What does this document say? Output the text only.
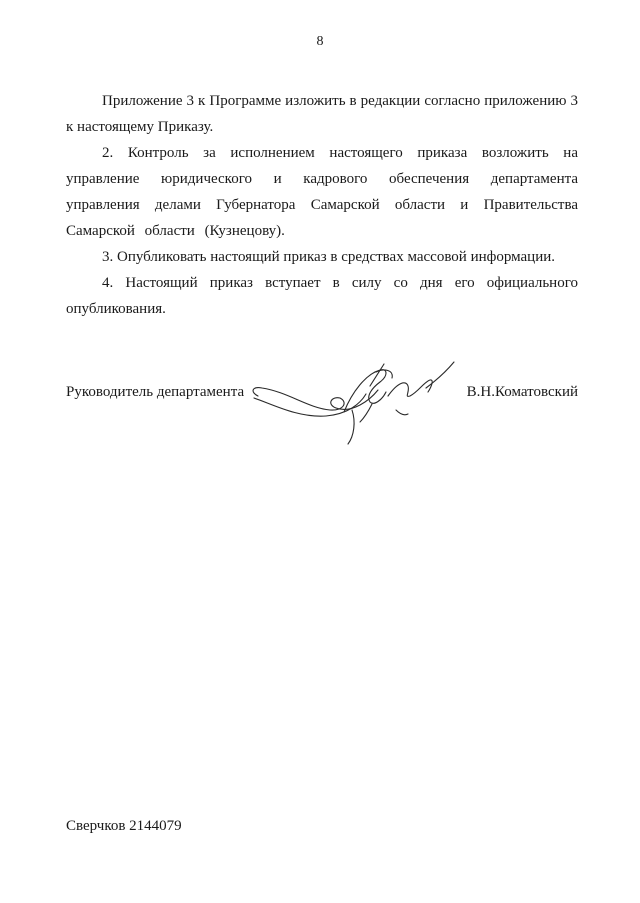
8

Приложение 3 к Программе изложить в редакции согласно приложению 3 к настоящему Приказу.

2. Контроль за исполнением настоящего приказа возложить на управление юридического и кадрового обеспечения департамента управления делами Губернатора Самарской области и Правительства Самарской области (Кузнецову).

3. Опубликовать настоящий приказ в средствах массовой информации.

4. Настоящий приказ вступает в силу со дня его официального опубликования.

Руководитель департамента	В.Н.Коматовский
Сверчков 2144079
